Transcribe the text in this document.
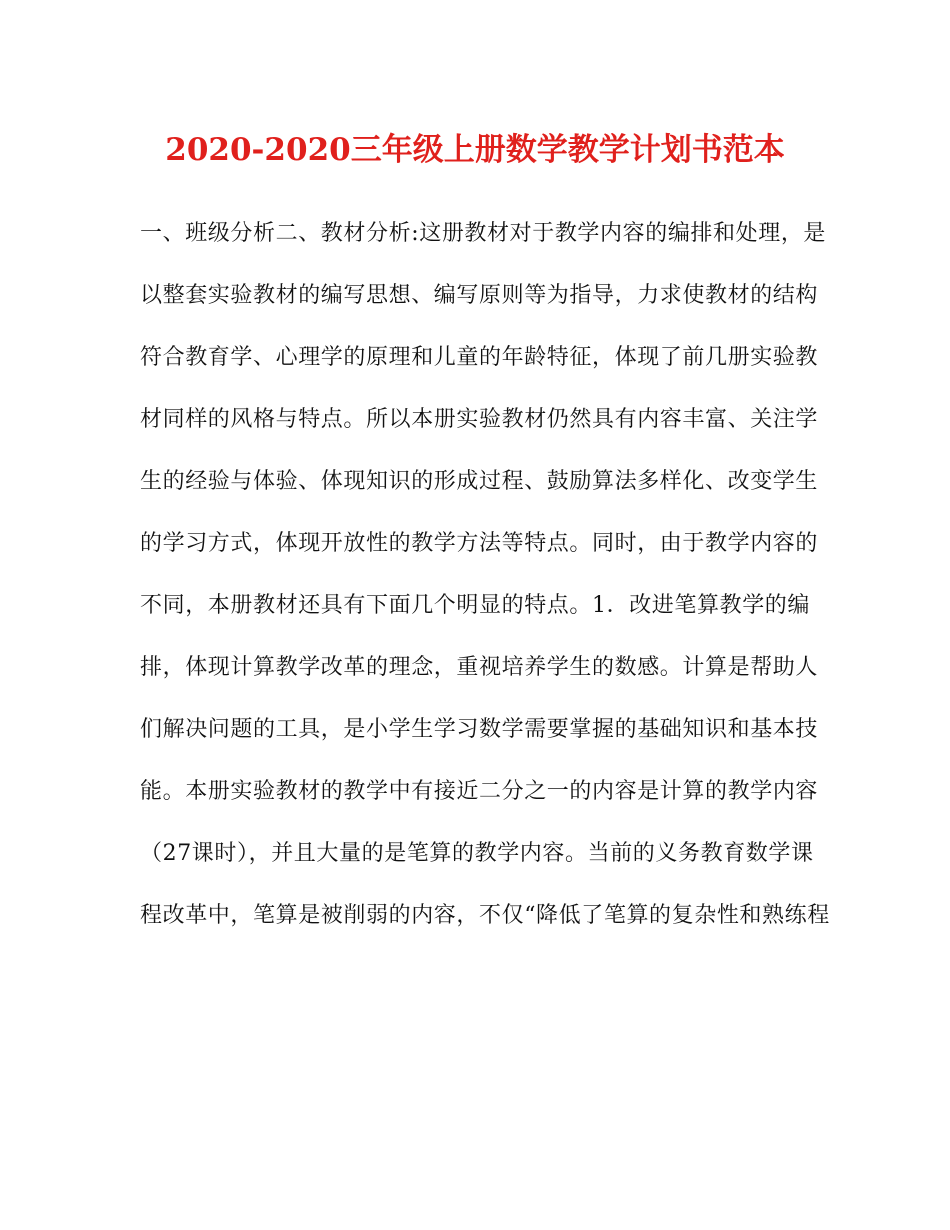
2020-2020三年级上册数学教学计划书范本
一、班级分析二、教材分析:这册教材对于教学内容的编排和处理，是
以整套实验教材的编写思想、编写原则等为指导，力求使教材的结构
符合教育学、心理学的原理和儿童的年龄特征，体现了前几册实验教
材同样的风格与特点。所以本册实验教材仍然具有内容丰富、关注学
生的经验与体验、体现知识的形成过程、鼓励算法多样化、改变学生
的学习方式，体现开放性的教学方法等特点。同时，由于教学内容的
不同，本册教材还具有下面几个明显的特点。1．改进笔算教学的编
排，体现计算教学改革的理念，重视培养学生的数感。计算是帮助人
们解决问题的工具，是小学生学习数学需要掌握的基础知识和基本技
能。本册实验教材的教学中有接近二分之一的内容是计算的教学内容
（27课时），并且大量的是笔算的教学内容。当前的义务教育数学课
程改革中，笔算是被削弱的内容，不仅“降低了笔算的复杂性和熟练程
